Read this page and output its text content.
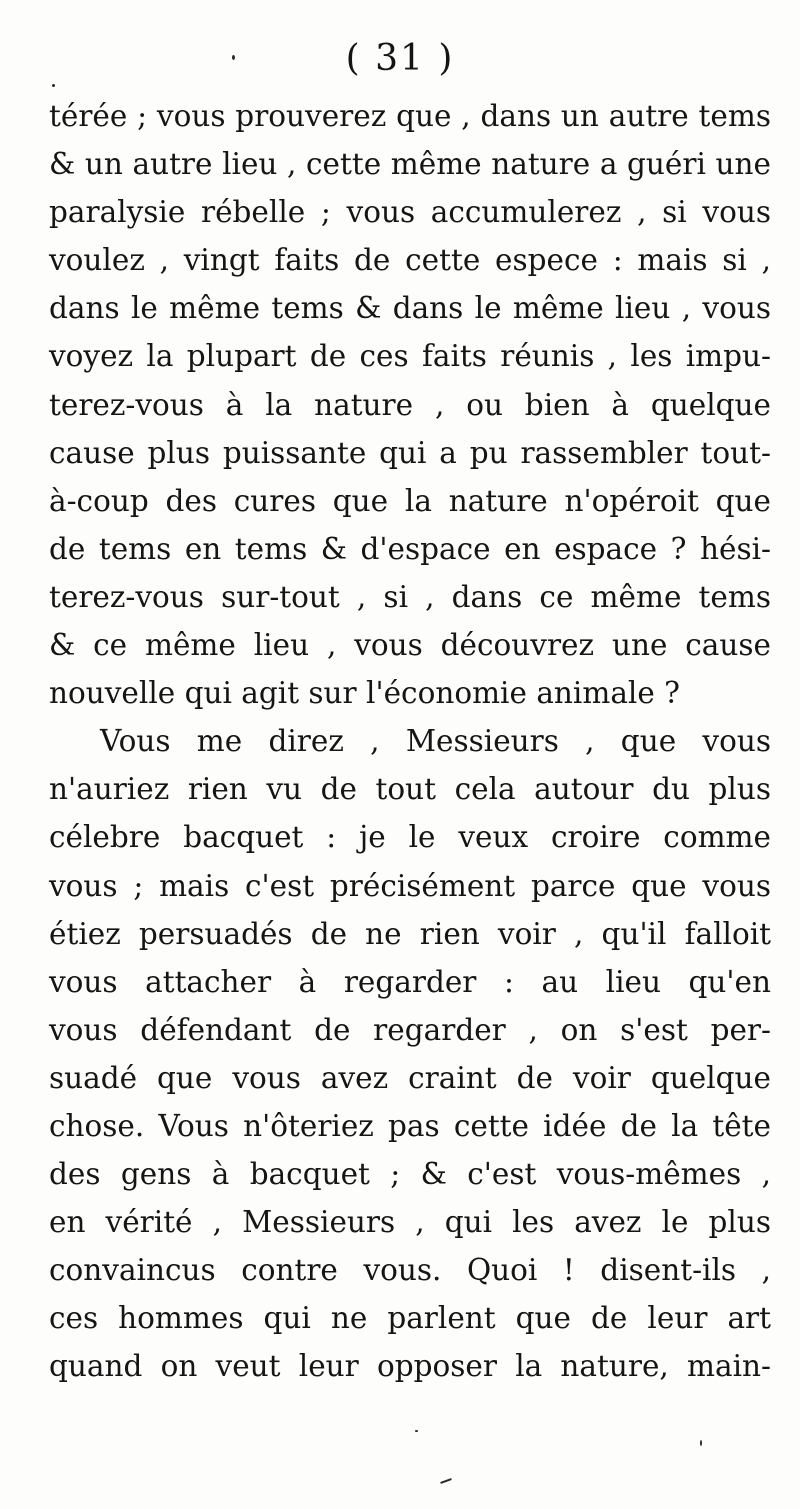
( 31 )
térée ; vous prouverez que , dans un autre tems
& un autre lieu , cette même nature a guéri une
paralysie rébelle ; vous accumulerez , si vous
voulez , vingt faits de cette espece : mais si ,
dans le même tems & dans le même lieu , vous
voyez la plupart de ces faits réunis , les impu-
terez-vous à la nature , ou bien à quelque
cause plus puissante qui a pu rassembler tout-
à-coup des cures que la nature n'opéroit que
de tems en tems & d'espace en espace ? hési-
terez-vous sur-tout , si , dans ce même tems
& ce même lieu , vous découvrez une cause
nouvelle qui agit sur l'économie animale ?
Vous me direz , Messieurs , que vous
n'auriez rien vu de tout cela autour du plus
célebre bacquet : je le veux croire comme
vous ; mais c'est précisément parce que vous
étiez persuadés de ne rien voir , qu'il falloit
vous attacher à regarder : au lieu qu'en
vous défendant de regarder , on s'est per-
suadé que vous avez craint de voir quelque
chose. Vous n'ôteriez pas cette idée de la tête
des gens à bacquet ; & c'est vous-mêmes ,
en vérité , Messieurs , qui les avez le plus
convaincus contre vous. Quoi ! disent-ils ,
ces hommes qui ne parlent que de leur art
quand on veut leur opposer la nature, main-
